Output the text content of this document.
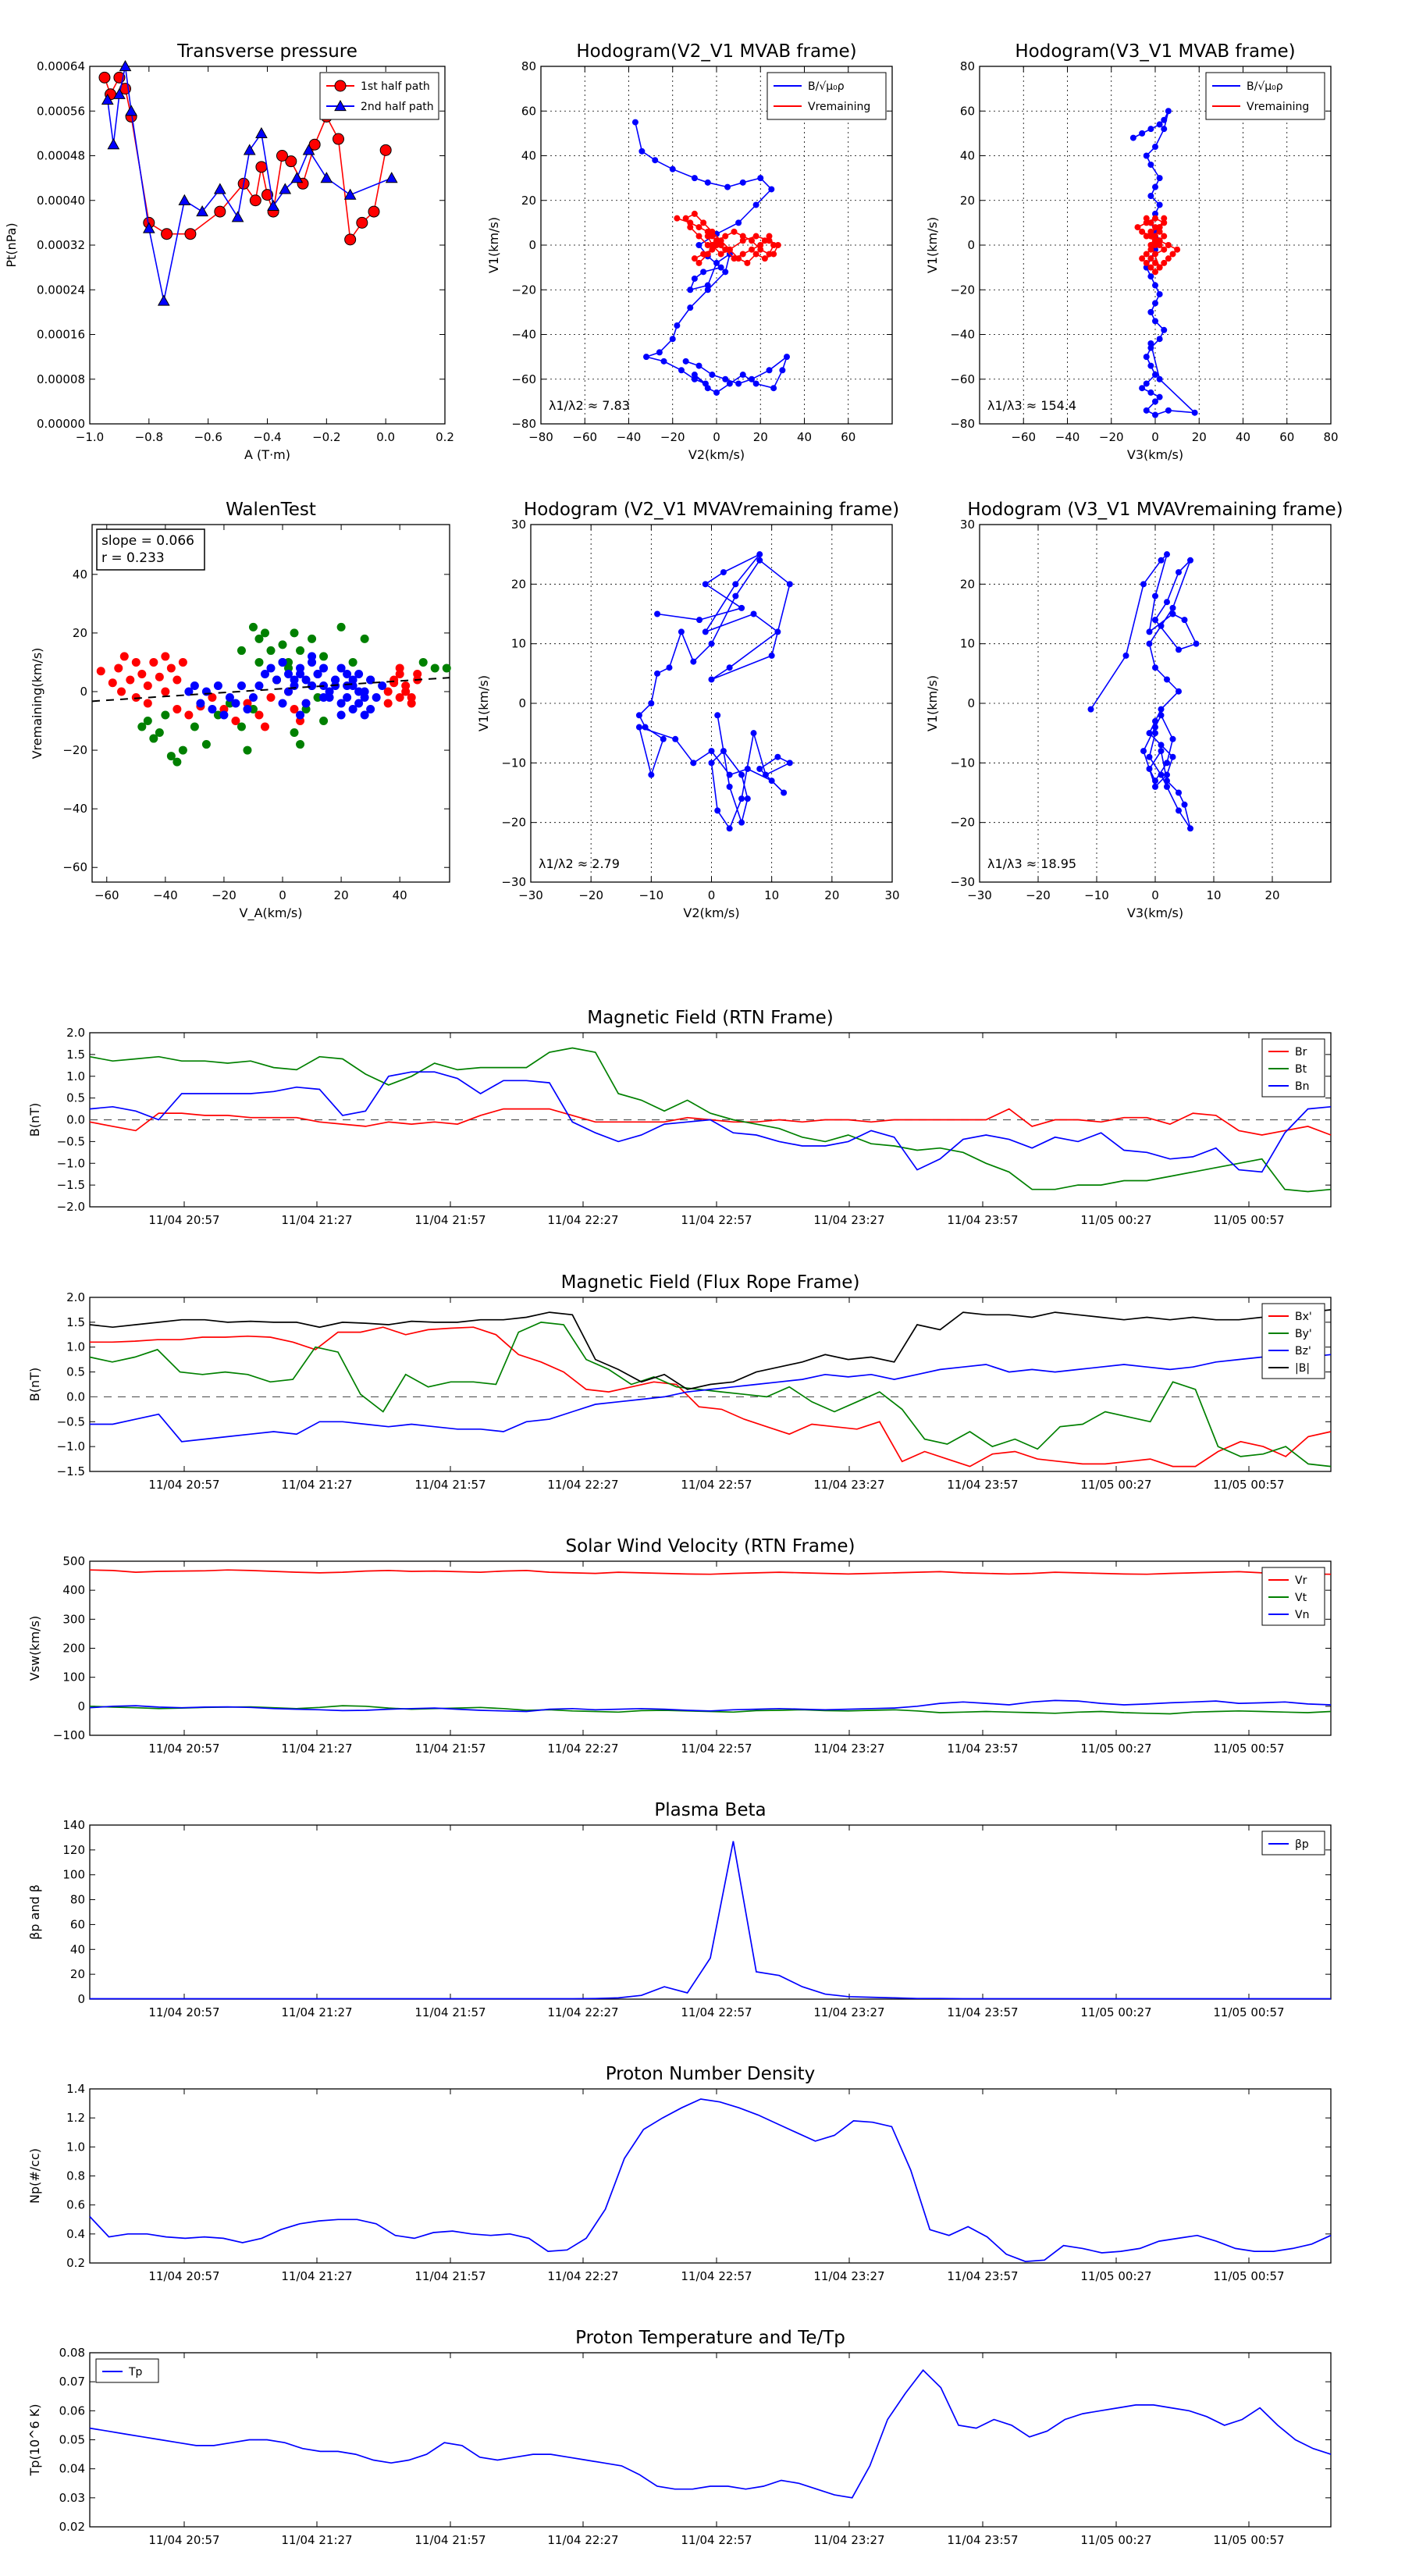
Transverse pressure
0.00000
0.00008
0.00016
0.00024
0.00032
0.00040
0.00048
0.00056
0.00064
−1.0	−0.8	−0.6	−0.4	−0.2	0.0	0.2
A (T·m)
Pt(nPa)
1st half path
2nd half path
Hodogram(V2_V1 MVAB frame)
−80
−60
−40
−20
0
20
40
60
80
−80 −60 −40 −20 0	20 40 60
V2(km/s)
V1(km/s)
B/√μ₀ρ
Vremaining
λ1/λ2 ≈ 7.83
Hodogram(V3_V1 MVAB frame)
−80
−60
−40
−20
0
20
40
60
80
−60 −40 −20 0	20 40 60 80
V3(km/s)
V1(km/s)
B/√μ₀ρ
Vremaining
λ1/λ3 ≈ 154.4
WalenTest
−60
−40
−20
0
20
40
−60	−40	−20	0	20	40
V_A(km/s)
Vremaining(km/s)
slope = 0.066
r = 0.233
Hodogram (V2_V1 MVAVremaining frame)
−30
−20
−10
0
10
20
30
−30	−20	−10	0	10	20	30
V2(km/s)
V1(km/s)
λ1/λ2 ≈ 2.79
Hodogram (V3_V1 MVAVremaining frame)
−30
−20
−10
0
10
20
30
−30	−20	−10	0	10	20
V3(km/s)
V1(km/s)
λ1/λ3 ≈ 18.95
Magnetic Field (RTN Frame)
−2.0
−1.5
−1.0
−0.5
0.0
0.5
1.0
1.5
2.0
B(nT)
11/04 20:57	11/04 21:27	11/04 21:57	11/04 22:27	11/04 22:57	11/04 23:27	11/04 23:57	11/05 00:27	11/05 00:57
Br
Bt
Bn
Magnetic Field (Flux Rope Frame)
−1.5
−1.0
−0.5
0.0
0.5
1.0
1.5
2.0
B(nT)
11/04 20:57	11/04 21:27	11/04 21:57	11/04 22:27	11/04 22:57	11/04 23:27	11/04 23:57	11/05 00:27	11/05 00:57
Bx'
By'
Bz'
|B|
Solar Wind Velocity (RTN Frame)
−100
0
100
200
300
400
500
Vsw(km/s)
11/04 20:57	11/04 21:27	11/04 21:57	11/04 22:27	11/04 22:57	11/04 23:27	11/04 23:57	11/05 00:27	11/05 00:57
Vr
Vt
Vn
Plasma Beta
0
20
40
60
80
100
120
140
βp and β
11/04 20:57	11/04 21:27	11/04 21:57	11/04 22:27	11/04 22:57	11/04 23:27	11/04 23:57	11/05 00:27	11/05 00:57
βp
Proton Number Density
0.2
0.4
0.6
0.8
1.0
1.2
1.4
Np(#/cc)
11/04 20:57	11/04 21:27	11/04 21:57	11/04 22:27	11/04 22:57	11/04 23:27	11/04 23:57	11/05 00:27	11/05 00:57
Proton Temperature and Te/Tp
0.02
0.03
0.04
0.05
0.06
0.07
0.08
Tp(10^6 K)
11/04 20:57	11/04 21:27	11/04 21:57	11/04 22:27	11/04 22:57	11/04 23:27	11/04 23:57	11/05 00:27	11/05 00:57
Tp
